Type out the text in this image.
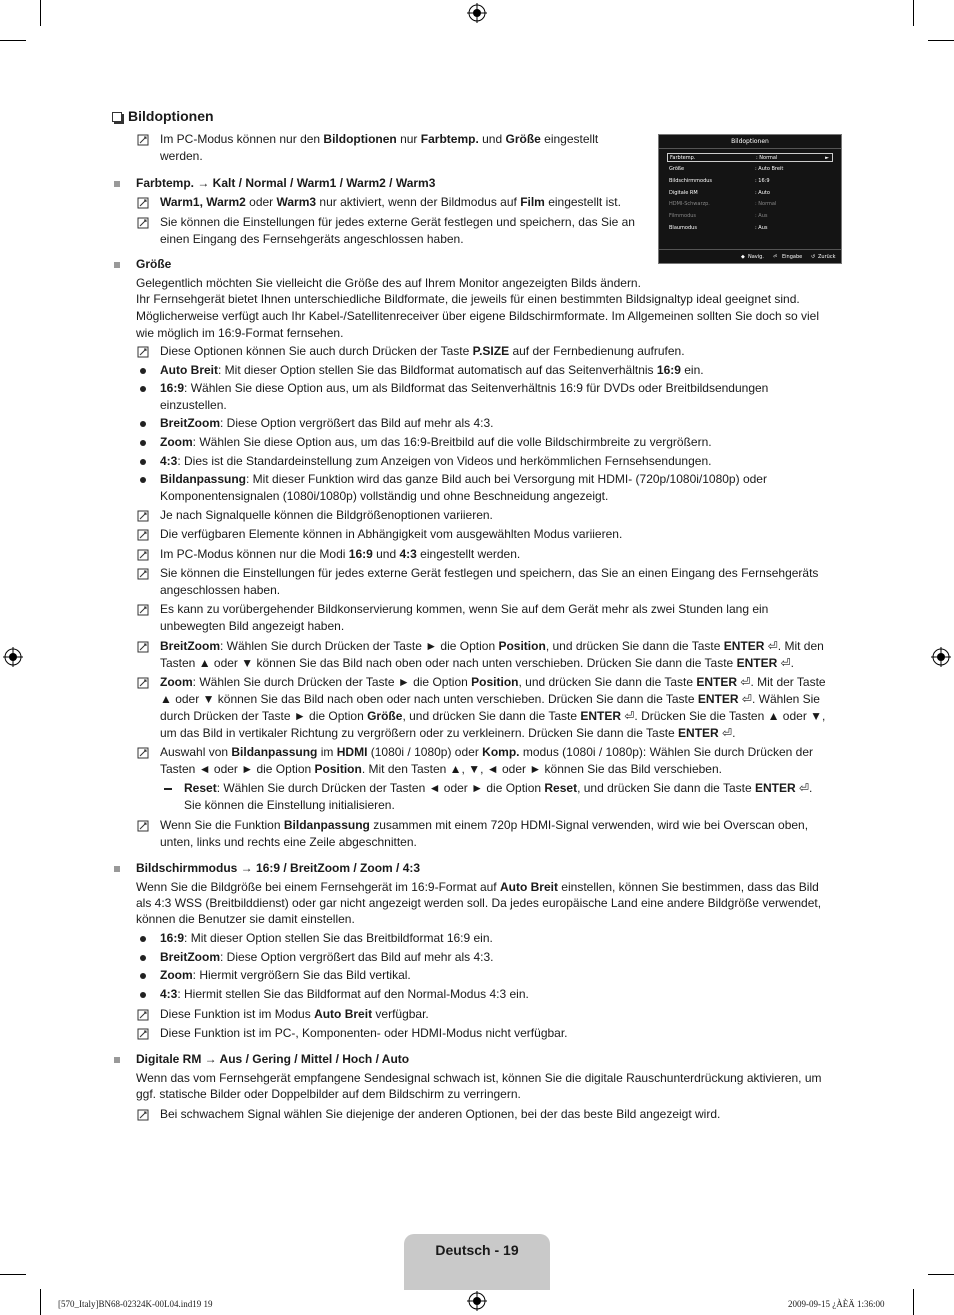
Bildoptionen
Bildoptionen
Farbtemp.	: Normal	►
Größe	: Auto Breit
Bildschirmmodus	: 16:9
Digitale RM	: Auto
HDMI-Schwarzp.	: Normal
Filmmodus	: Aus
Blaumodus	: Aus
◆ Navig. ⏎ Eingabe ↺ Zurück
Im PC-Modus können nur den Bildoptionen nur Farbtemp. und Größe eingestellt
werden.
Farbtemp. → Kalt / Normal / Warm1 / Warm2 / Warm3
Warm1, Warm2 oder Warm3 nur aktiviert, wenn der Bildmodus auf Film eingestellt ist.
Sie können die Einstellungen für jedes externe Gerät festlegen und speichern, das Sie an
einen Eingang des Fernsehgeräts angeschlossen haben.
Größe
Gelegentlich möchten Sie vielleicht die Größe des auf Ihrem Monitor angezeigten Bilds ändern.
Ihr Fernsehgerät bietet Ihnen unterschiedliche Bildformate, die jeweils für einen bestimmten Bildsignaltyp ideal geeignet sind.
Möglicherweise verfügt auch Ihr Kabel-/Satellitenreceiver über eigene Bildschirmformate. Im Allgemeinen sollten Sie doch so viel
wie möglich im 16:9-Format fernsehen.
Diese Optionen können Sie auch durch Drücken der Taste P.SIZE auf der Fernbedienung aufrufen.
Auto Breit: Mit dieser Option stellen Sie das Bildformat automatisch auf das Seitenverhältnis 16:9 ein.
16:9: Wählen Sie diese Option aus, um als Bildformat das Seitenverhältnis 16:9 für DVDs oder Breitbildsendungen
einzustellen.
BreitZoom: Diese Option vergrößert das Bild auf mehr als 4:3.
Zoom: Wählen Sie diese Option aus, um das 16:9-Breitbild auf die volle Bildschirmbreite zu vergrößern.
4:3: Dies ist die Standardeinstellung zum Anzeigen von Videos und herkömmlichen Fernsehsendungen.
Bildanpassung: Mit dieser Funktion wird das ganze Bild auch bei Versorgung mit HDMI- (720p/1080i/1080p) oder
Komponentensignalen (1080i/1080p) vollständig und ohne Beschneidung angezeigt.
Je nach Signalquelle können die Bildgrößenoptionen variieren.
Die verfügbaren Elemente können in Abhängigkeit vom ausgewählten Modus variieren.
Im PC-Modus können nur die Modi 16:9 und 4:3 eingestellt werden.
Sie können die Einstellungen für jedes externe Gerät festlegen und speichern, das Sie an einen Eingang des Fernsehgeräts
angeschlossen haben.
Es kann zu vorübergehender Bildkonservierung kommen, wenn Sie auf dem Gerät mehr als zwei Stunden lang ein
unbewegten Bild angezeigt haben.
BreitZoom: Wählen Sie durch Drücken der Taste ► die Option Position, und drücken Sie dann die Taste ENTER ⏎. Mit den
Tasten ▲ oder ▼ können Sie das Bild nach oben oder nach unten verschieben. Drücken Sie dann die Taste ENTER ⏎.
Zoom: Wählen Sie durch Drücken der Taste ► die Option Position, und drücken Sie dann die Taste ENTER ⏎. Mit der Taste
▲ oder ▼ können Sie das Bild nach oben oder nach unten verschieben. Drücken Sie dann die Taste ENTER ⏎. Wählen Sie
durch Drücken der Taste ► die Option Größe, und drücken Sie dann die Taste ENTER ⏎. Drücken Sie die Tasten ▲ oder ▼,
um das Bild in vertikaler Richtung zu vergrößern oder zu verkleinern. Drücken Sie dann die Taste ENTER ⏎.
Auswahl von Bildanpassung im HDMI (1080i / 1080p) oder Komp. modus (1080i / 1080p): Wählen Sie durch Drücken der
Tasten ◄ oder ► die Option Position. Mit den Tasten ▲, ▼, ◄ oder ► können Sie das Bild verschieben.
Reset: Wählen Sie durch Drücken der Tasten ◄ oder ► die Option Reset, und drücken Sie dann die Taste ENTER ⏎.
Sie können die Einstellung initialisieren.
Wenn Sie die Funktion Bildanpassung zusammen mit einem 720p HDMI-Signal verwenden, wird wie bei Overscan oben,
unten, links und rechts eine Zeile abgeschnitten.
Bildschirmmodus → 16:9 / BreitZoom / Zoom / 4:3
Wenn Sie die Bildgröße bei einem Fernsehgerät im 16:9-Format auf Auto Breit einstellen, können Sie bestimmen, dass das Bild
als 4:3 WSS (Breitbilddienst) oder gar nicht angezeigt werden soll. Da jedes europäische Land eine andere Bildgröße verwendet,
können die Benutzer sie damit einstellen.
16:9: Mit dieser Option stellen Sie das Breitbildformat 16:9 ein.
BreitZoom: Diese Option vergrößert das Bild auf mehr als 4:3.
Zoom: Hiermit vergrößern Sie das Bild vertikal.
4:3: Hiermit stellen Sie das Bildformat auf den Normal-Modus 4:3 ein.
Diese Funktion ist im Modus Auto Breit verfügbar.
Diese Funktion ist im PC-, Komponenten- oder HDMI-Modus nicht verfügbar.
Digitale RM → Aus / Gering / Mittel / Hoch / Auto
Wenn das vom Fernsehgerät empfangene Sendesignal schwach ist, können Sie die digitale Rauschunterdrückung aktivieren, um
ggf. statische Bilder oder Doppelbilder auf dem Bildschirm zu verringern.
Bei schwachem Signal wählen Sie diejenige der anderen Optionen, bei der das beste Bild angezeigt wird.
Deutsch - 19
[570_Italy]BN68-02324K-00L04.ind19 19	2009-09-15 ¿ÀÈÄ 1:36:00
